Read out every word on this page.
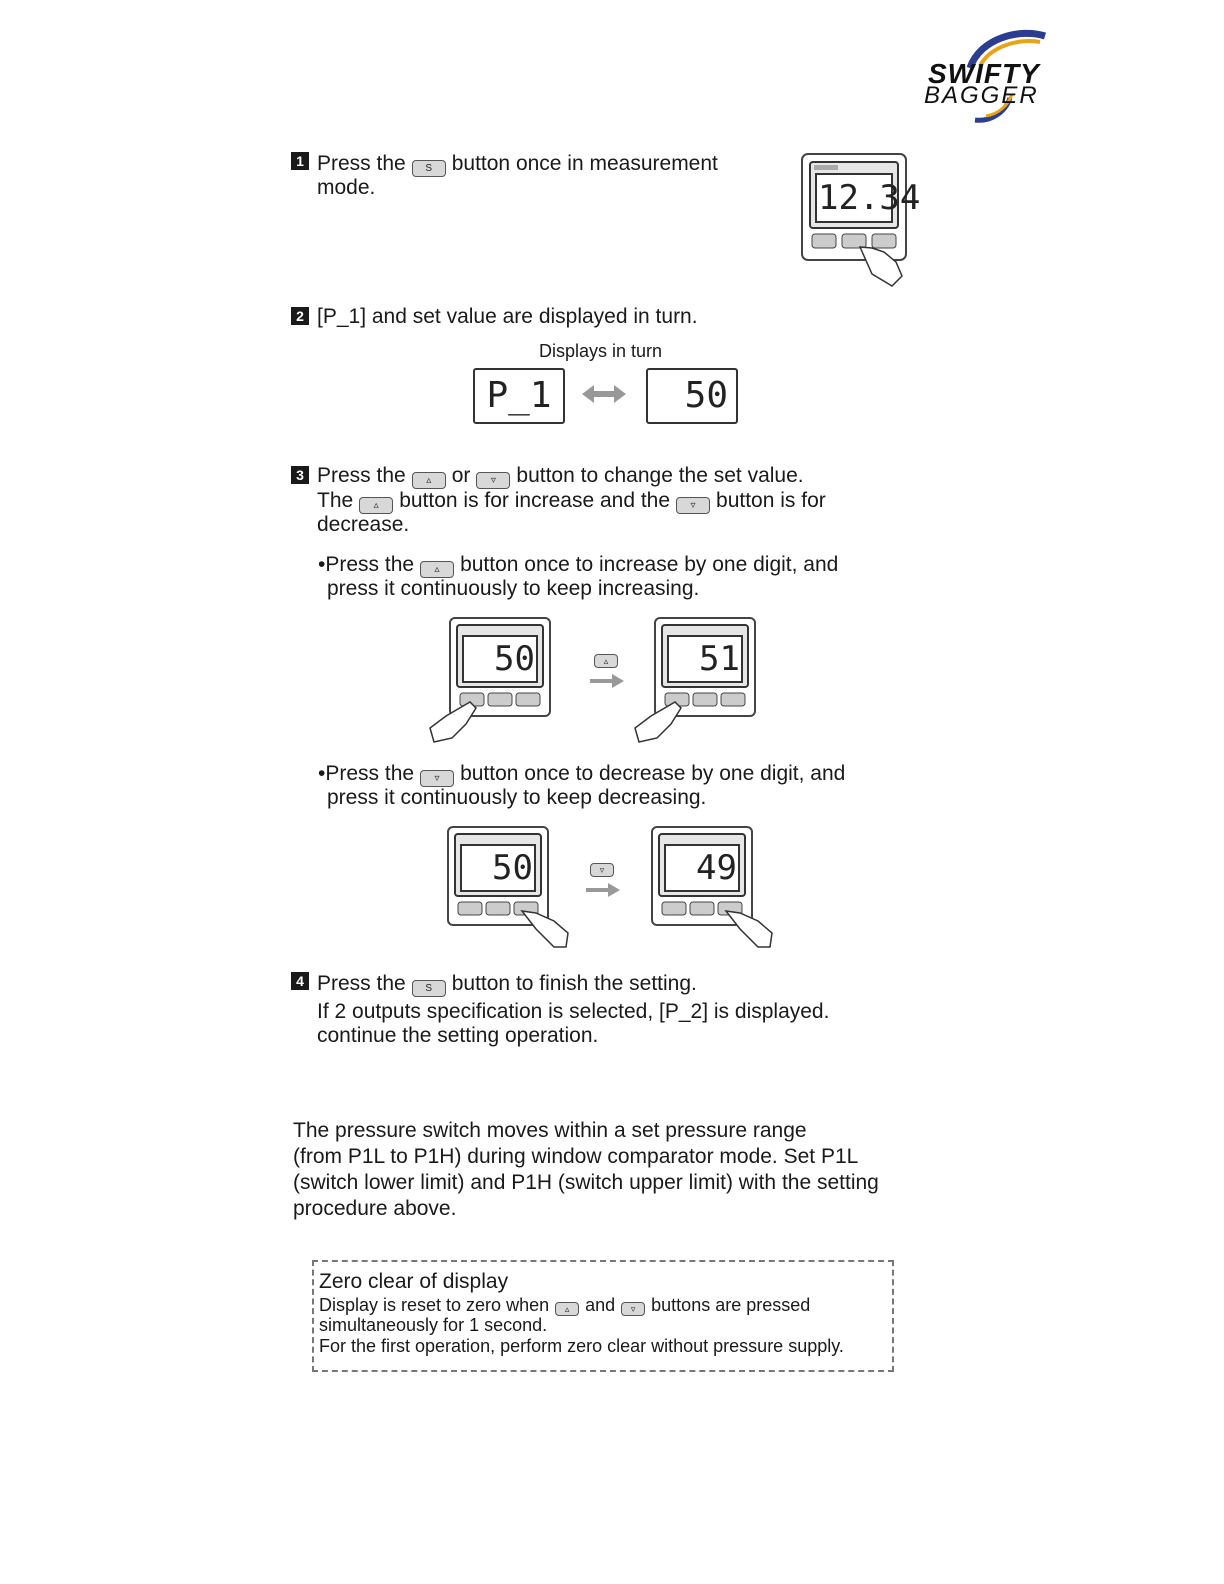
SWIFTY
BAGGER
1 Press the S button once in measurement
mode.	12.34
2 [P_1] and set value are displayed in turn.
Displays in turn
P_1	50
3 Press the ▵ or ▿ button to change the set value.
The ▵ button is for increase and the ▿ button is for
decrease.
•Press the ▵ button once to increase by one digit, and
press it continuously to keep increasing.
50	▵	51
•Press the ▿ button once to decrease by one digit, and
press it continuously to keep decreasing.
50	▿	49
4 Press the S button to finish the setting.
If 2 outputs specification is selected, [P_2] is displayed.
continue the setting operation.
The pressure switch moves within a set pressure range
(from P1L to P1H) during window comparator mode. Set P1L
(switch lower limit) and P1H (switch upper limit) with the setting
procedure above.
Zero clear of display
Display is reset to zero when ▵ and ▿ buttons are pressed
simultaneously for 1 second.
For the first operation, perform zero clear without pressure supply.
